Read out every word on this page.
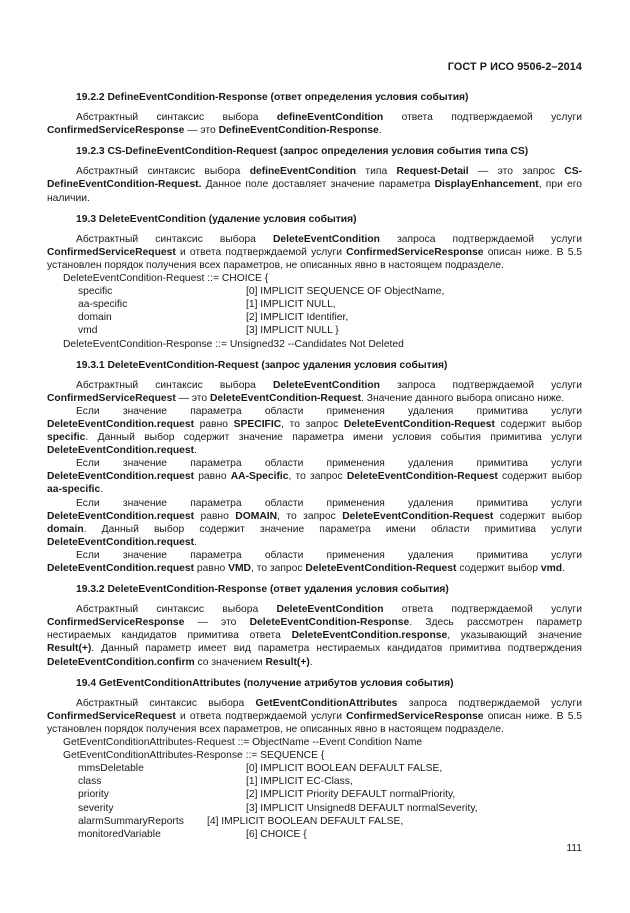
ГОСТ Р ИСО 9506-2–2014

19.2.2 DefineEventCondition-Response (ответ определения условия события)

Абстрактный синтаксис выбора defineEventCondition ответа подтверждаемой услуги ConfirmedServiceResponse — это DefineEventCondition-Response.

19.2.3 CS-DefineEventCondition-Request (запрос определения условия события типа CS)

Абстрактный синтаксис выбора defineEventCondition типа Request-Detail — это запрос CS-DefineEventCondition-Request. Данное поле доставляет значение параметра DisplayEnhancement, при его наличии.

19.3 DeleteEventCondition (удаление условия события)

Абстрактный синтаксис выбора DeleteEventCondition запроса подтверждаемой услуги ConfirmedServiceRequest и ответа подтверждаемой услуги ConfirmedServiceResponse описан ниже. В 5.5 установлен порядок получения всех параметров, не описанных явно в настоящем подразделе.

DeleteEventCondition-Request ::= CHOICE {

specific	[0] IMPLICIT SEQUENCE OF ObjectName,
aa-specific	[1] IMPLICIT NULL,
domain	[2] IMPLICIT Identifier,
vmd	[3] IMPLICIT NULL }

DeleteEventCondition-Response ::= Unsigned32 --Candidates Not Deleted

19.3.1 DeleteEventCondition-Request (запрос удаления условия события)

Абстрактный синтаксис выбора DeleteEventCondition запроса подтверждаемой услуги ConfirmedServiceRequest — это DeleteEventCondition-Request. Значение данного выбора описано ниже.

Если значение параметра области применения удаления примитива услуги DeleteEventCondition.request равно SPECIFIC, то запрос DeleteEventCondition-Request содержит выбор specific. Данный выбор содержит значение параметра имени условия события примитива услуги DeleteEventCondition.request.

Если значение параметра области применения удаления примитива услуги DeleteEventCondition.request равно AA-Specific, то запрос DeleteEventCondition-Request содержит выбор aa-specific.

Если значение параметра области применения удаления примитива услуги DeleteEventCondition.request равно DOMAIN, то запрос DeleteEventCondition-Request содержит выбор domain. Данный выбор содержит значение параметра имени области примитива услуги DeleteEventCondition.request.

Если значение параметра области применения удаления примитива услуги DeleteEventCondition.request равно VMD, то запрос DeleteEventCondition-Request содержит выбор vmd.

19.3.2 DeleteEventCondition-Response (ответ удаления условия события)

Абстрактный синтаксис выбора DeleteEventCondition ответа подтверждаемой услуги ConfirmedServiceResponse — это DeleteEventCondition-Response. Здесь рассмотрен параметр нестираемых кандидатов примитива ответа DeleteEventCondition.response, указывающий значение Result(+). Данный параметр имеет вид параметра нестираемых кандидатов примитива подтверждения DeleteEventCondition.confirm со значением Result(+).

19.4 GetEventConditionAttributes (получение атрибутов условия события)

Абстрактный синтаксис выбора GetEventConditionAttributes запроса подтверждаемой услуги ConfirmedServiceRequest и ответа подтверждаемой услуги ConfirmedServiceResponse описан ниже. В 5.5 установлен порядок получения всех параметров, не описанных явно в настоящем подразделе.

GetEventConditionAttributes-Request ::= ObjectName --Event Condition Name

GetEventConditionAttributes-Response ::= SEQUENCE {

mmsDeletable	[0] IMPLICIT BOOLEAN DEFAULT FALSE,
class	[1] IMPLICIT EC-Class,
priority	[2] IMPLICIT Priority DEFAULT normalPriority,
severity	[3] IMPLICIT Unsigned8 DEFAULT normalSeverity,
alarmSummaryReports	[4] IMPLICIT BOOLEAN DEFAULT FALSE,
monitoredVariable	[6] CHOICE {
111
